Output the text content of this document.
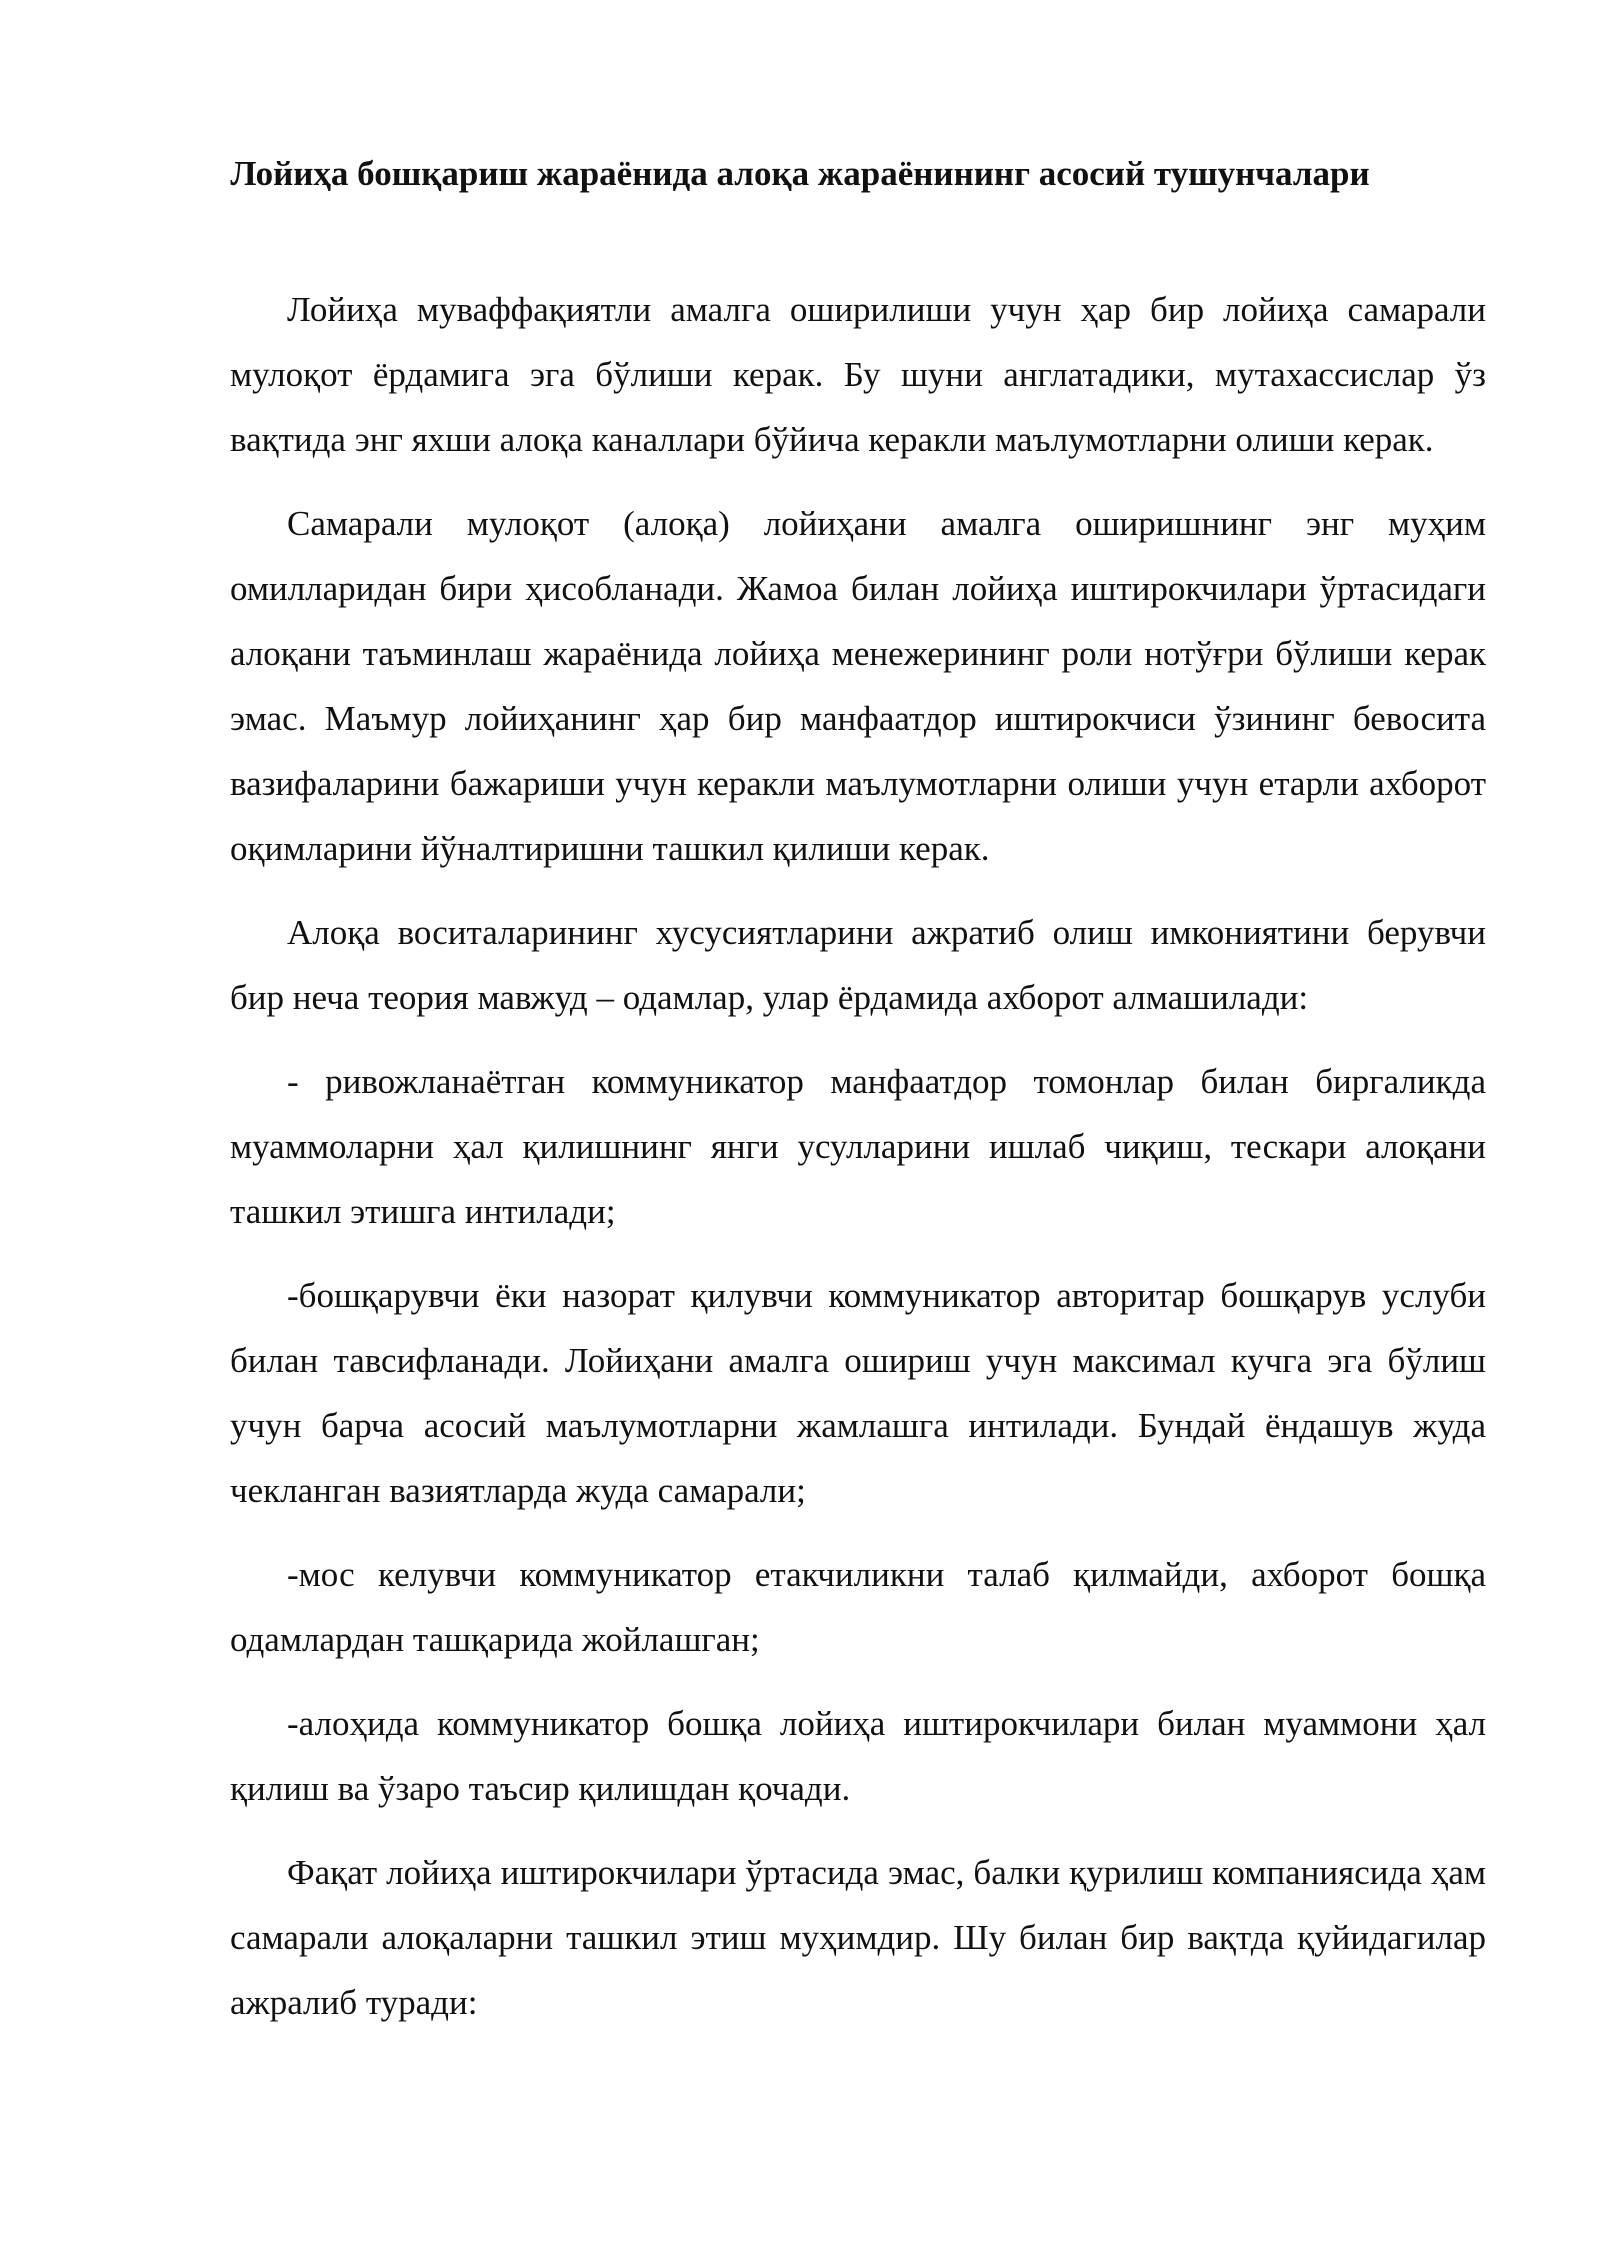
Лойиҳа бошқариш жараёнида алоқа жараёнининг асосий тушунчалари

Лойиҳа муваффақиятли амалга оширилиши учун ҳар бир лойиҳа самарали мулоқот ёрдамига эга бўлиши керак. Бу шуни англатадики, мутахассислар ўз вақтида энг яхши алоқа каналлари бўйича керакли маълумотларни олиши керак.

Самарали мулоқот (алоқа) лойиҳани амалга оширишнинг энг муҳим омилларидан бири ҳисобланади. Жамоа билан лойиҳа иштирокчилари ўртасидаги алоқани таъминлаш жараёнида лойиҳа менежерининг роли нотўғри бўлиши керак эмас. Маъмур лойиҳанинг ҳар бир манфаатдор иштирокчиси ўзининг бевосита вазифаларини бажариши учун керакли маълумотларни олиши учун етарли ахборот оқимларини йўналтиришни ташкил қилиши керак.

Алоқа воситаларининг хусусиятларини ажратиб олиш имкониятини берувчи бир неча теория мавжуд – одамлар, улар ёрдамида ахборот алмашилади:

- ривожланаётган коммуникатор манфаатдор томонлар билан биргаликда муаммоларни ҳал қилишнинг янги усулларини ишлаб чиқиш, тескари алоқани ташкил этишга интилади;

-бошқарувчи ёки назорат қилувчи коммуникатор авторитар бошқарув услуби билан тавсифланади. Лойиҳани амалга ошириш учун максимал кучга эга бўлиш учун барча асосий маълумотларни жамлашга интилади. Бундай ёндашув жуда чекланган вазиятларда жуда самарали;

-мос келувчи коммуникатор етакчиликни талаб қилмайди, ахборот бошқа одамлардан ташқарида жойлашган;

-алоҳида коммуникатор бошқа лойиҳа иштирокчилари билан муаммони ҳал қилиш ва ўзаро таъсир қилишдан қочади.

Фақат лойиҳа иштирокчилари ўртасида эмас, балки қурилиш компаниясида ҳам самарали алоқаларни ташкил этиш муҳимдир. Шу билан бир вақтда қуйидагилар ажралиб туради:
